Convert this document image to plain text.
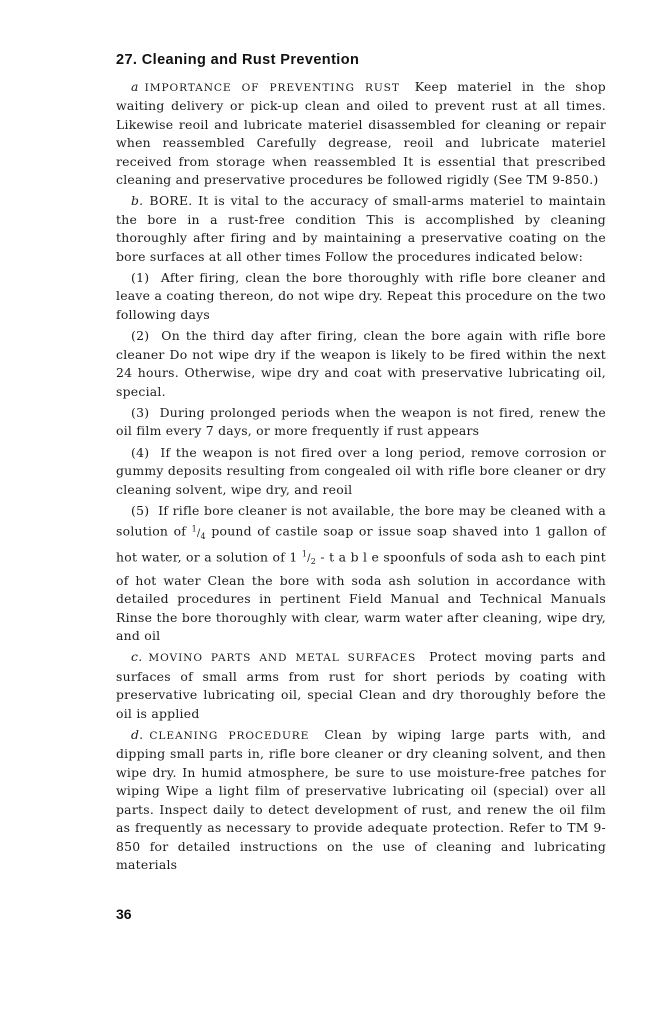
27. Cleaning and Rust Prevention

a IMPORTANCE OF PREVENTING RUST Keep materiel in the shop waiting delivery or pick-up clean and oiled to prevent rust at all times. Likewise reoil and lubricate materiel disassembled for cleaning or repair when reassembled Carefully degrease, reoil and lubricate materiel received from storage when reassembled It is essential that prescribed cleaning and preservative procedures be followed rigidly (See TM 9-850.)

b. BORE. It is vital to the accuracy of small-arms materiel to maintain the bore in a rust-free condition This is accomplished by cleaning thoroughly after firing and by maintaining a preservative coating on the bore surfaces at all other times Follow the procedures indicated below:

(1) After firing, clean the bore thoroughly with rifle bore cleaner and leave a coating thereon, do not wipe dry. Repeat this procedure on the two following days

(2) On the third day after firing, clean the bore again with rifle bore cleaner Do not wipe dry if the weapon is likely to be fired within the next 24 hours. Otherwise, wipe dry and coat with preservative lubricating oil, special.

(3) During prolonged periods when the weapon is not fired, renew the oil film every 7 days, or more frequently if rust appears

(4) If the weapon is not fired over a long period, remove corrosion or gummy deposits resulting from congealed oil with rifle bore cleaner or dry cleaning solvent, wipe dry, and reoil

(5) If rifle bore cleaner is not available, the bore may be cleaned with a solution of $^1/_4$ pound of castile soap or issue soap shaved into 1 gallon of hot water, or a solution of 1 $^1/_2$ - t a b l e spoonfuls of soda ash to each pint of hot water Clean the bore with soda ash solution in accordance with detailed procedures in pertinent Field Manual and Technical Manuals Rinse the bore thoroughly with clear, warm water after cleaning, wipe dry, and oil

c. MOVINO PARTS AND METAL SURFACES Protect moving parts and surfaces of small arms from rust for short periods by coating with preservative lubricating oil, special Clean and dry thoroughly before the oil is applied

d. CLEANING PROCEDURE Clean by wiping large parts with, and dipping small parts in, rifle bore cleaner or dry cleaning solvent, and then wipe dry. In humid atmosphere, be sure to use moisture-free patches for wiping Wipe a light film of preservative lubricating oil (special) over all parts. Inspect daily to detect development of rust, and renew the oil film as frequently as necessary to provide adequate protection. Refer to TM 9-850 for detailed instructions on the use of cleaning and lubricating materials

36
